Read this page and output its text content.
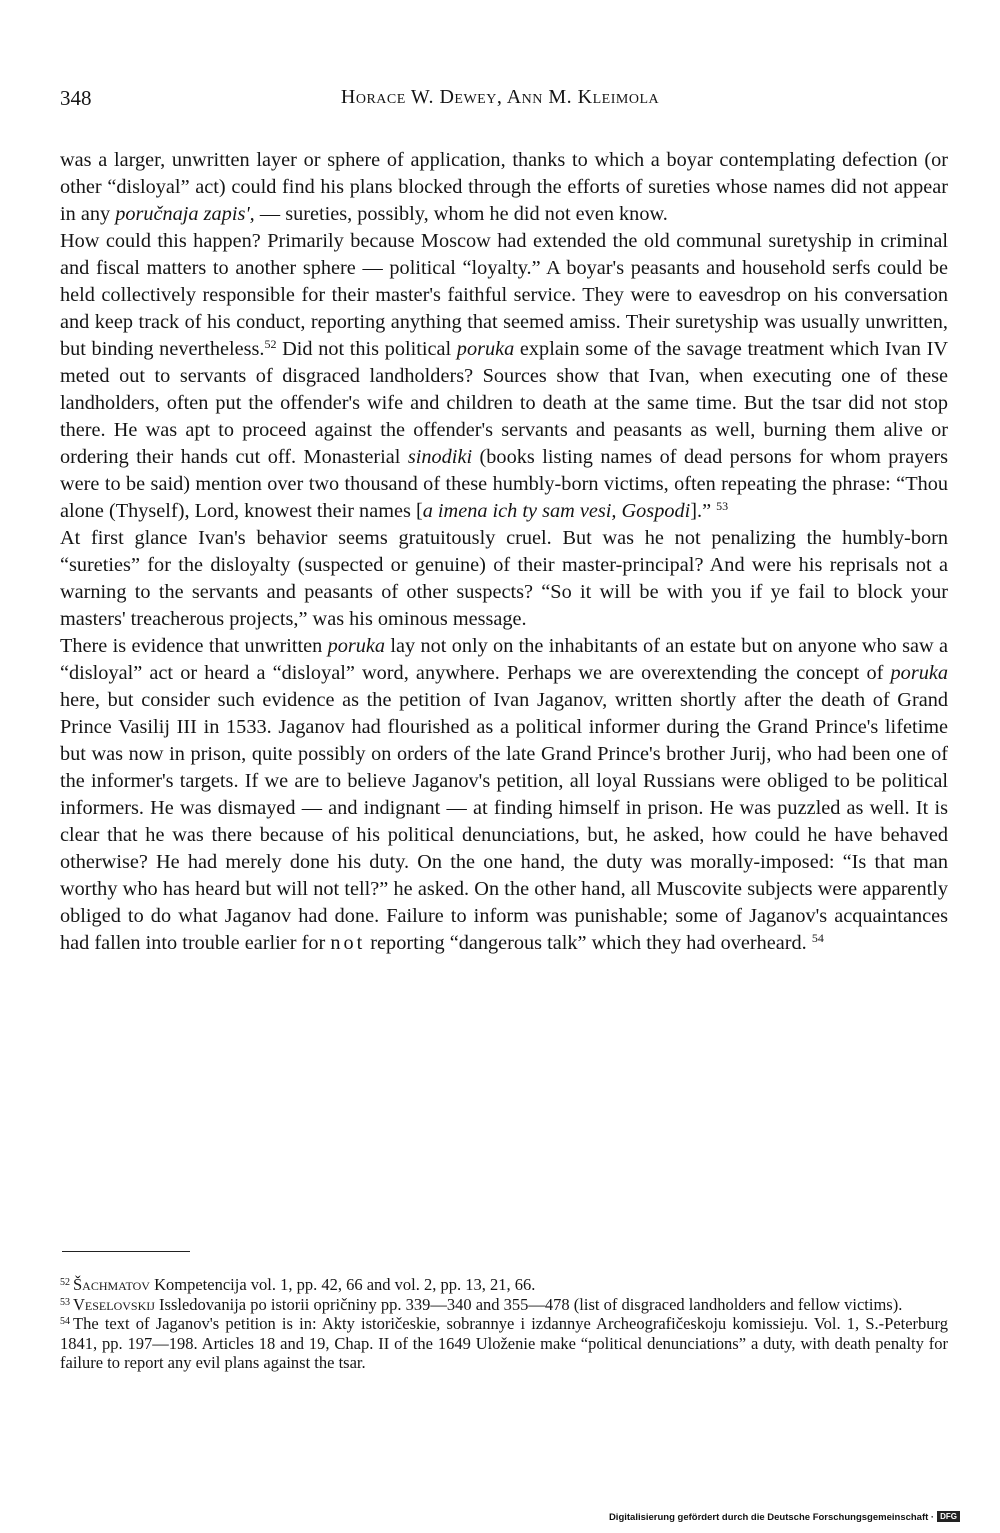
348	Horace W. Dewey, Ann M. Kleimola

was a larger, unwritten layer or sphere of application, thanks to which a boyar contemplating defection (or other “disloyal” act) could find his plans blocked through the efforts of sureties whose names did not appear in any poručnaja zapis', — sureties, possibly, whom he did not even know.

How could this happen? Primarily because Moscow had extended the old communal suretyship in criminal and fiscal matters to another sphere — political “loyalty.” A boyar's peasants and household serfs could be held collectively responsible for their master's faithful service. They were to eavesdrop on his conversation and keep track of his conduct, reporting anything that seemed amiss. Their suretyship was usually unwritten, but binding nevertheless.$^{52}$ Did not this political poruka explain some of the savage treatment which Ivan IV meted out to servants of disgraced landholders? Sources show that Ivan, when executing one of these landholders, often put the offender's wife and children to death at the same time. But the tsar did not stop there. He was apt to proceed against the offender's servants and peasants as well, burning them alive or ordering their hands cut off. Monasterial sinodiki (books listing names of dead persons for whom prayers were to be said) mention over two thousand of these humbly-born victims, often repeating the phrase: “Thou alone (Thyself), Lord, knowest their names [a imena ich ty sam vesi, Gospodi].” $^{53}$

At first glance Ivan's behavior seems gratuitously cruel. But was he not penalizing the humbly-born “sureties” for the disloyalty (suspected or genuine) of their master-principal? And were his reprisals not a warning to the servants and peasants of other suspects? “So it will be with you if ye fail to block your masters' treacherous projects,” was his ominous message.

There is evidence that unwritten poruka lay not only on the inhabitants of an estate but on anyone who saw a “disloyal” act or heard a “disloyal” word, anywhere. Perhaps we are overextending the concept of poruka here, but consider such evidence as the petition of Ivan Jaganov, written shortly after the death of Grand Prince Vasilij III in 1533. Jaganov had flourished as a political informer during the Grand Prince's lifetime but was now in prison, quite possibly on orders of the late Grand Prince's brother Jurij, who had been one of the informer's targets. If we are to believe Jaganov's petition, all loyal Russians were obliged to be political informers. He was dismayed — and indignant — at finding himself in prison. He was puzzled as well. It is clear that he was there because of his political denunciations, but, he asked, how could he have behaved otherwise? He had merely done his duty. On the one hand, the duty was morally-imposed: “Is that man worthy who has heard but will not tell?” he asked. On the other hand, all Muscovite subjects were apparently obliged to do what Jaganov had done. Failure to inform was punishable; some of Jaganov's acquaintances had fallen into trouble earlier for not reporting “dangerous talk” which they had overheard. $^{54}$

$^{52}$ Šachmatov Kompetencija vol. 1, pp. 42, 66 and vol. 2, pp. 13, 21, 66.

$^{53}$ Veselovskij Issledovanija po istorii opričniny pp. 339—340 and 355—478 (list of disgraced landholders and fellow victims).

$^{54}$ The text of Jaganov's petition is in: Akty istoričeskie, sobrannye i izdannye Archeografičeskoju komissieju. Vol. 1, S.-Peterburg 1841, pp. 197—198. Articles 18 and 19, Chap. II of the 1649 Uloženie make “political denunciations” a duty, with death penalty for failure to report any evil plans against the tsar.

Digitalisierung gefördert durch die Deutsche Forschungsgemeinschaft · DFG
